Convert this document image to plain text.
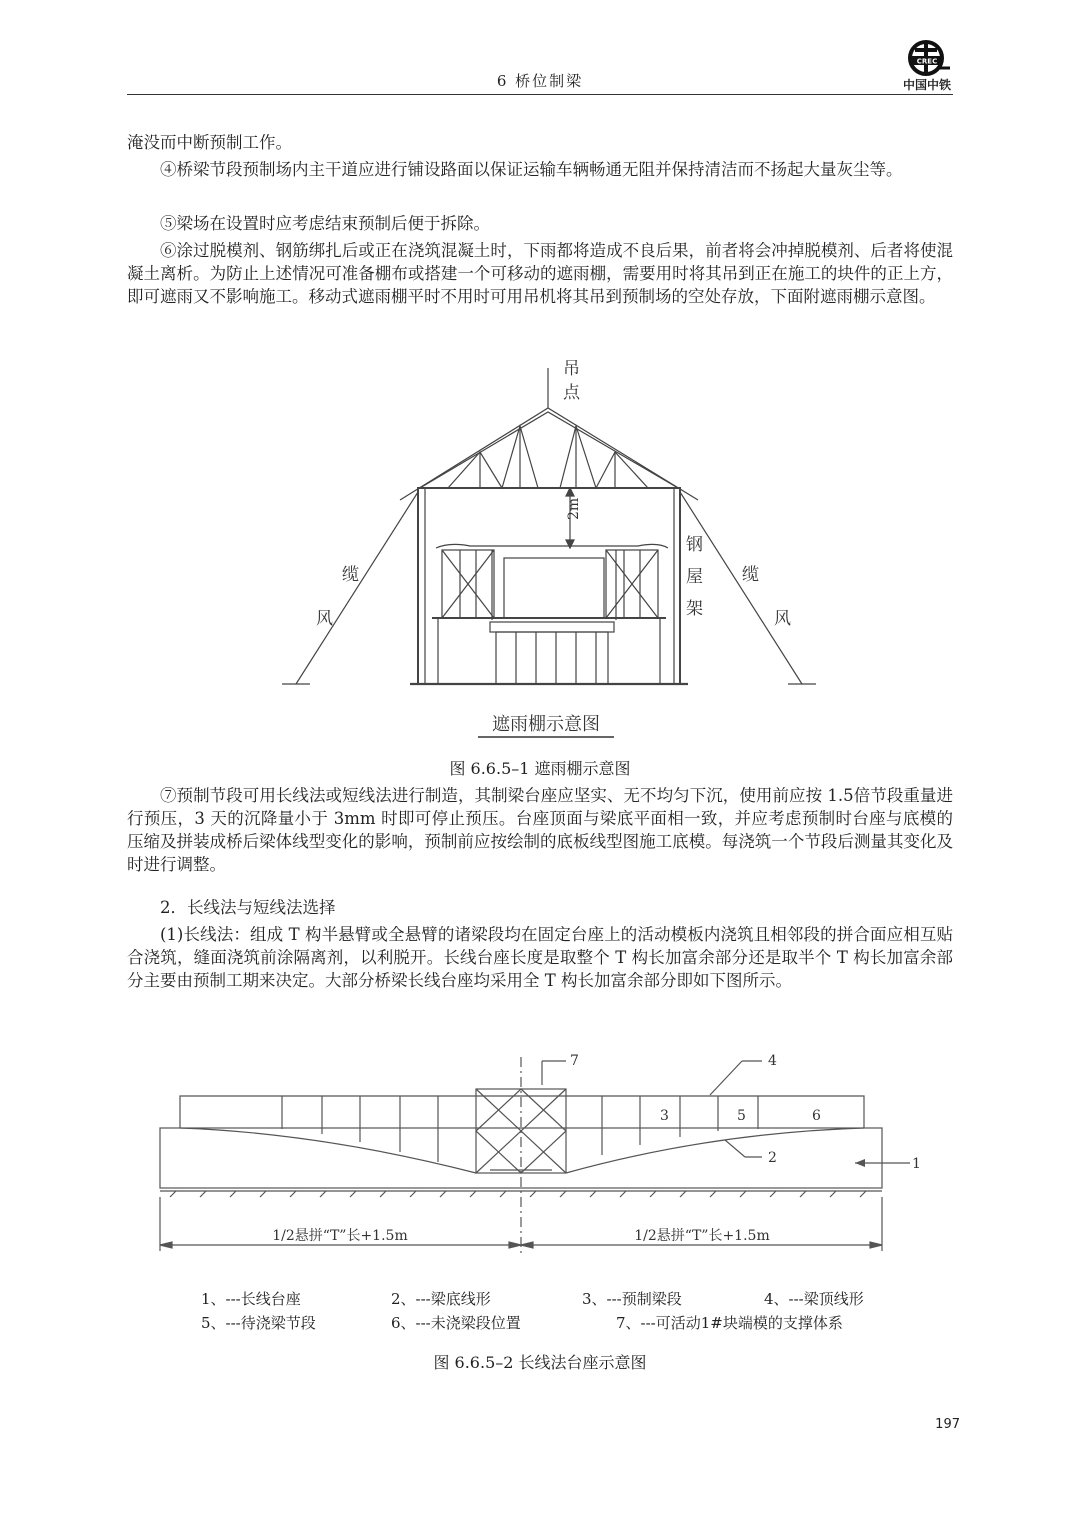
6 桥位制梁
CREC
中国中铁
淹没而中断预制工作。
④桥梁节段预制场内主干道应进行铺设路面以保证运输车辆畅通无阻并保持清洁而不扬起大量灰尘等。
⑤梁场在设置时应考虑结束预制后便于拆除。
⑥涂过脱模剂、钢筋绑扎后或正在浇筑混凝土时，下雨都将造成不良后果，前者将会冲掉脱模剂、后者将使混凝土离析。为防止上述情况可准备棚布或搭建一个可移动的遮雨棚，需要用时将其吊到正在施工的块件的正上方，即可遮雨又不影响施工。移动式遮雨棚平时不用时可用吊机将其吊到预制场的空处存放，下面附遮雨棚示意图。
吊
点
2m
缆
风
缆
风
钢
屋
架
遮雨棚示意图
图 6.6.5–1 遮雨棚示意图
⑦预制节段可用长线法或短线法进行制造，其制梁台座应坚实、无不均匀下沉，使用前应按 1.5倍节段重量进行预压，3 天的沉降量小于 3mm 时即可停止预压。台座顶面与梁底平面相一致，并应考虑预制时台座与底模的压缩及拼装成桥后梁体线型变化的影响，预制前应按绘制的底板线型图施工底模。每浇筑一个节段后测量其变化及时进行调整。
2．长线法与短线法选择
(1)长线法：组成 T 构半悬臂或全悬臂的诸梁段均在固定台座上的活动模板内浇筑且相邻段的拼合面应相互贴合浇筑，缝面浇筑前涂隔离剂，以利脱开。长线台座长度是取整个 T 构长加富余部分还是取半个 T 构长加富余部分主要由预制工期来决定。大部分桥梁长线台座均采用全 T 构长加富余部分即如下图所示。
7	4
2	1
3	5	6
1/2悬拼“T”长+1.5m	1/2悬拼“T”长+1.5m
1、---长线台座	2、---梁底线形	3、---预制梁段	4、---梁顶线形
5、---待浇梁节段	6、---未浇梁段位置	7、---可活动1#块端模的支撑体系
图 6.6.5–2 长线法台座示意图
197
